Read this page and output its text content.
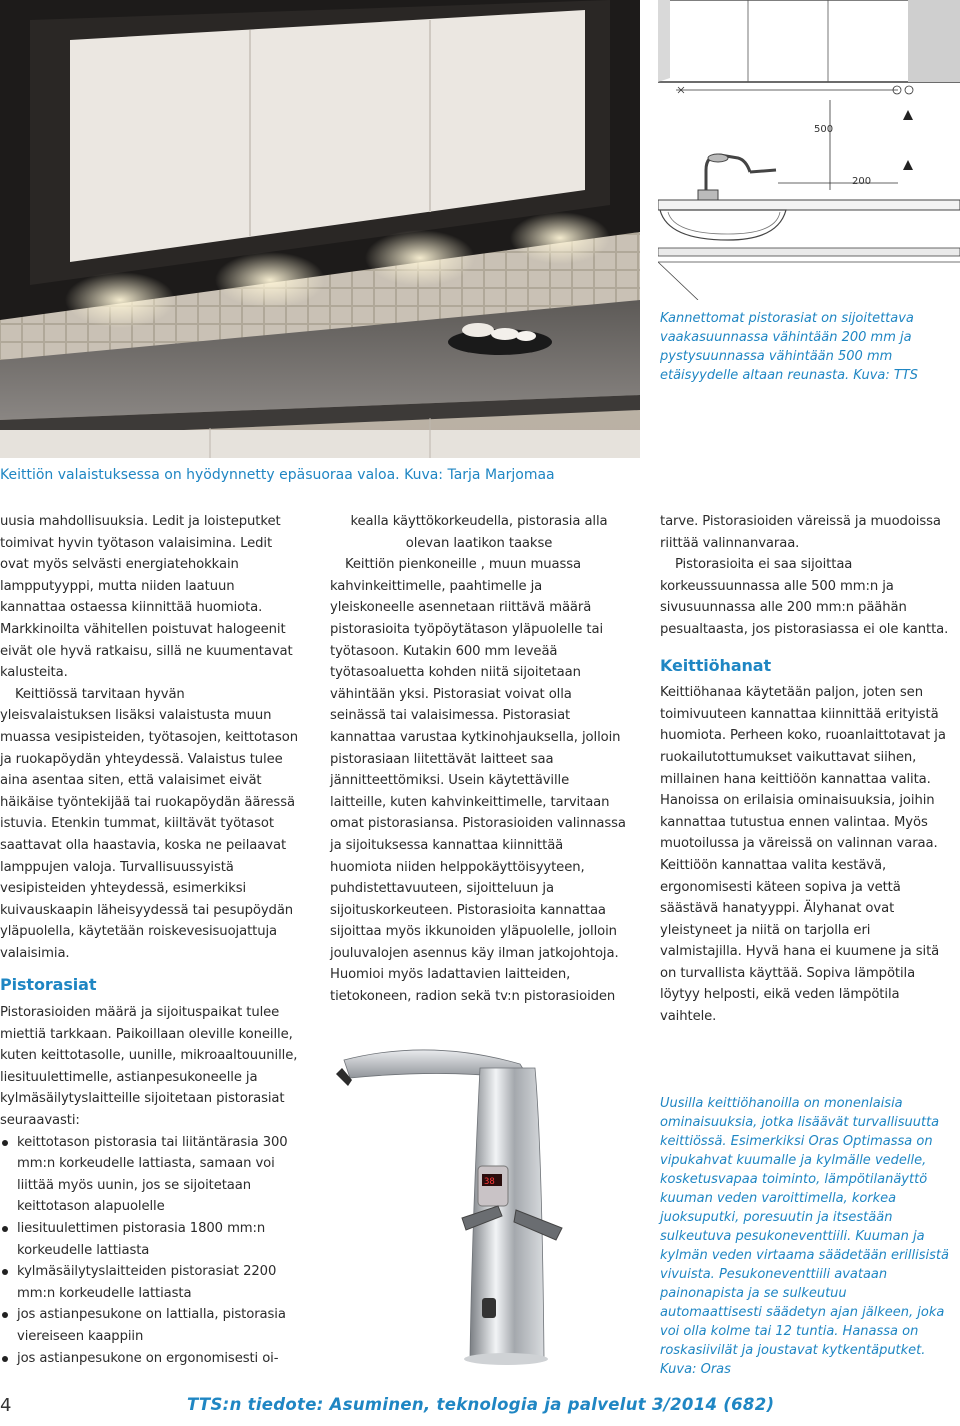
500
200
Kannettomat pistorasiat on sijoitettava vaakasuunnassa vähintään 200 mm ja pystysuunnassa vähintään 500 mm etäisyydelle altaan reunasta. Kuva: TTS
Keittiön valaistuksessa on hyödynnetty epäsuoraa valoa. Kuva: Tarja Marjomaa

uusia mahdollisuuksia. Ledit ja loisteputket toimivat hyvin työtason valaisimina. Ledit ovat myös selvästi energiatehokkain lampputyyppi, mutta niiden laatuun kannattaa ostaessa kiinnittää huomiota. Markkinoilta vähitellen poistuvat halogeenit eivät ole hyvä ratkaisu, sillä ne kuumentavat kalusteita.

Keittiössä tarvitaan hyvän yleisvalaistuksen lisäksi valaistusta muun muassa vesipisteiden, työtasojen, keittotason ja ruokapöydän yhteydessä. Valaistus tulee aina asentaa siten, että valaisimet eivät häikäise työntekijää tai ruokapöydän ääressä istuvia. Etenkin tummat, kiiltävät työtasot saattavat olla haastavia, koska ne peilaavat lamppujen valoja. Turvallisuussyistä vesipisteiden yhteydessä, esimerkiksi kuivauskaapin läheisyydessä tai pesupöydän yläpuolella, käytetään roiskevesisuojattuja valaisimia.

Pistorasiat

Pistorasioiden määrä ja sijoituspaikat tulee miettiä tarkkaan. Paikoillaan oleville koneille, kuten keittotasolle, uunille, mikroaaltouunille, liesituulettimelle, astianpesukoneelle ja kylmäsäilytyslaitteille sijoitetaan pistorasiat seuraavasti:

keittotason pistorasia tai liitäntärasia 300 mm:n korkeudelle lattiasta, samaan voi liittää myös uunin, jos se sijoitetaan keittotason alapuolelle
liesituulettimen pistorasia 1800 mm:n korkeudelle lattiasta
kylmäsäilytyslaitteiden pistorasiat 2200 mm:n korkeudelle lattiasta
jos astianpesukone on lattialla, pistorasia viereiseen kaappiin
jos astianpesukone on ergonomisesti oi-

kealla käyttökorkeudella, pistorasia alla olevan laatikon taakse

Keittiön pienkoneille , muun muassa kahvinkeittimelle, paahtimelle ja yleiskoneelle asennetaan riittävä määrä pistorasioita työpöytätason yläpuolelle tai työtasoon. Kutakin 600 mm leveää työtasoaluetta kohden niitä sijoitetaan vähintään yksi. Pistorasiat voivat olla seinässä tai valaisimessa. Pistorasiat kannattaa varustaa kytkinohjauksella, jolloin pistorasiaan liitettävät laitteet saa jännitteettömiksi. Usein käytettäville laitteille, kuten kahvinkeittimelle, tarvitaan omat pistorasiansa. Pistorasioiden valinnassa ja sijoituksessa kannattaa kiinnittää huomiota niiden helppokäyttöisyyteen, puhdistettavuuteen, sijoitteluun ja sijoituskorkeuteen. Pistorasioita kannattaa sijoittaa myös ikkunoiden yläpuolelle, jolloin jouluvalojen asennus käy ilman jatkojohtoja. Huomioi myös ladattavien laitteiden, tietokoneen, radion sekä tv:n pistorasioiden

tarve. Pistorasioiden väreissä ja muodoissa riittää valinnanvaraa.

Pistorasioita ei saa sijoittaa korkeussuunnassa alle 500 mm:n ja sivusuunnassa alle 200 mm:n päähän pesualtaasta, jos pistorasiassa ei ole kantta.

Keittiöhanat

Keittiöhanaa käytetään paljon, joten sen toimivuuteen kannattaa kiinnittää erityistä huomiota. Perheen koko, ruoanlaittotavat ja ruokailutottumukset vaikuttavat siihen, millainen hana keittiöön kannattaa valita. Hanoissa on erilaisia ominaisuuksia, joihin kannattaa tutustua ennen valintaa. Myös muotoilussa ja väreissä on valinnan varaa. Keittiöön kannattaa valita kestävä, ergonomisesti käteen sopiva ja vettä säästävä hanatyyppi. Älyhanat ovat yleistyneet ja niitä on tarjolla eri valmistajilla. Hyvä hana ei kuumene ja sitä on turvallista käyttää. Sopiva lämpötila löytyy helposti, eikä veden lämpötila vaihtele.

38
Uusilla keittiöhanoilla on monenlaisia ominaisuuksia, jotka lisäävät turvallisuutta keittiössä. Esimerkiksi Oras Optimassa on vipukahvat kuumalle ja kylmälle vedelle, kosketusvapaa toiminto, lämpötilanäyttö kuuman veden varoittimella, korkea juoksuputki, poresuutin ja itsestään sulkeutuva pesukoneventtiili. Kuuman ja kylmän veden virtaama säädetään erillisistä vivuista. Pesukoneventtiili avataan painonapista ja se sulkeutuu automaattisesti säädetyn ajan jälkeen, joka voi olla kolme tai 12 tuntia. Hanassa on roskasiivilät ja joustavat kytkentäputket. Kuva: Oras
4	TTS:n tiedote: Asuminen, teknologia ja palvelut 3/2014 (682)
